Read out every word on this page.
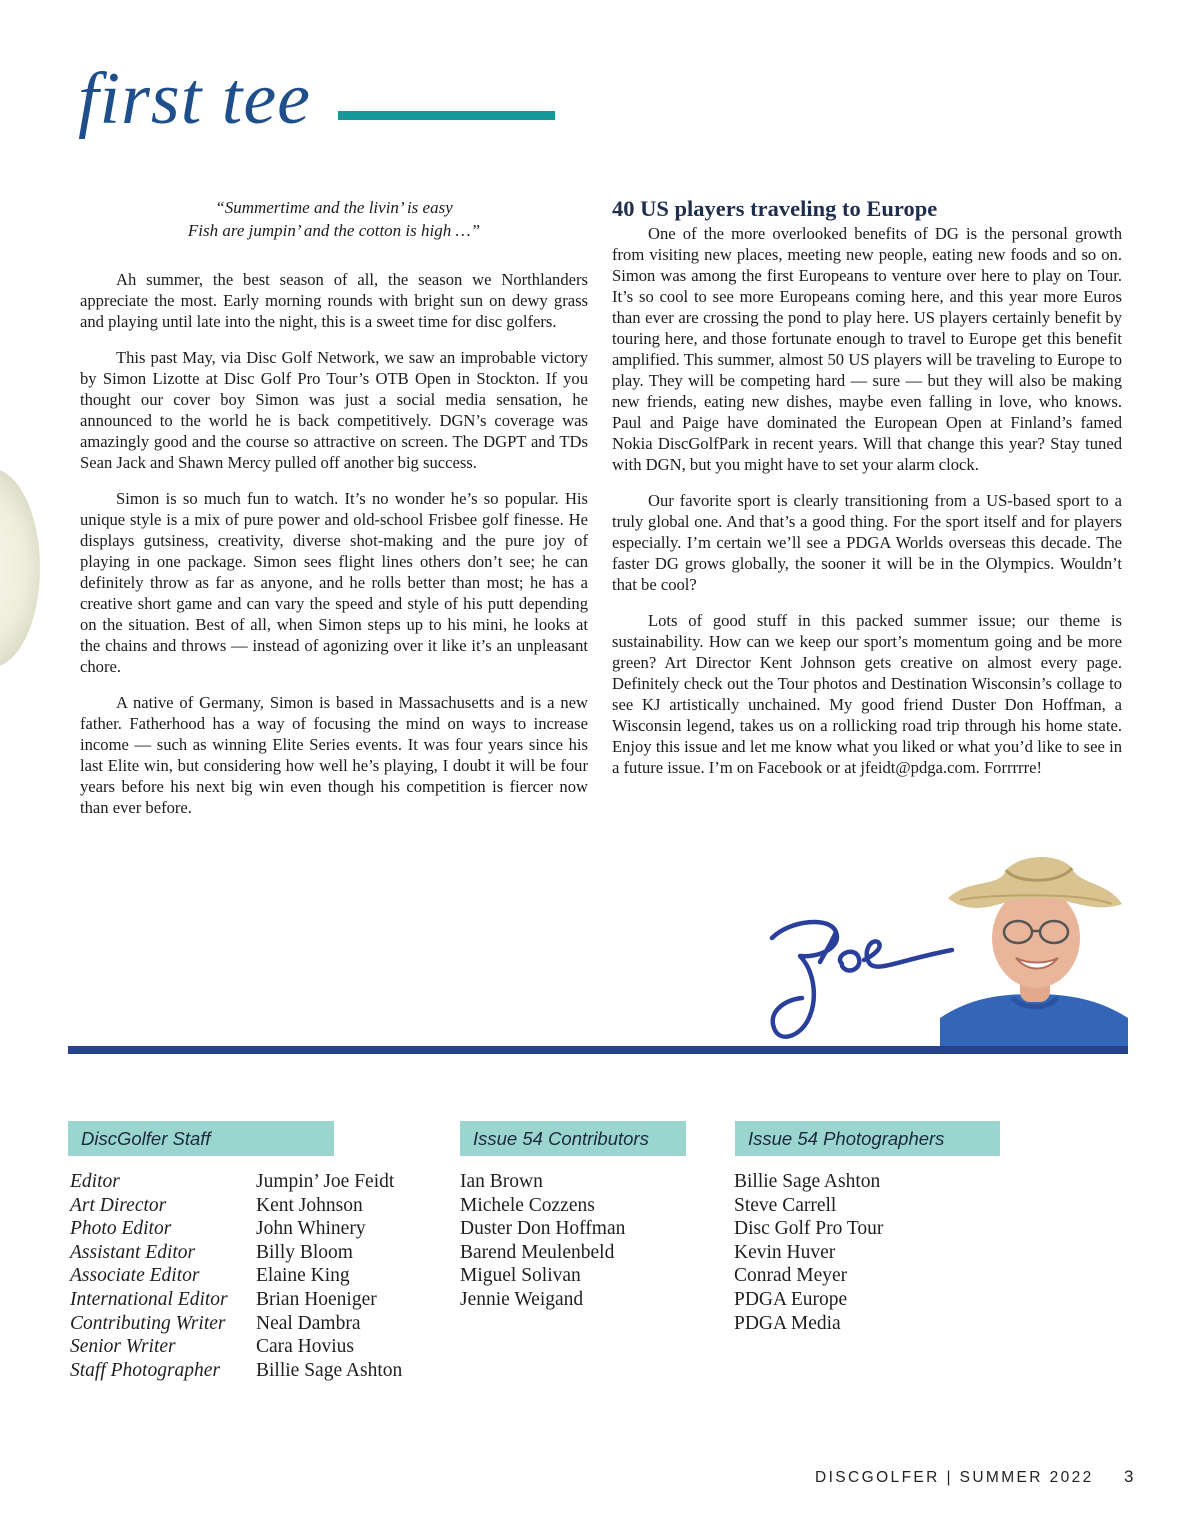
first tee
“Summertime and the livin’ is easy
Fish are jumpin’ and the cotton is high …”

Ah summer, the best season of all, the season we Northlanders appreciate the most. Early morning rounds with bright sun on dewy grass and playing until late into the night, this is a sweet time for disc golfers.

This past May, via Disc Golf Network, we saw an improbable victory by Simon Lizotte at Disc Golf Pro Tour’s OTB Open in Stockton. If you thought our cover boy Simon was just a social media sensation, he announced to the world he is back competitively. DGN’s coverage was amazingly good and the course so attractive on screen. The DGPT and TDs Sean Jack and Shawn Mercy pulled off another big success.

Simon is so much fun to watch. It’s no wonder he’s so popular. His unique style is a mix of pure power and old-school Frisbee golf finesse. He displays gutsiness, creativity, diverse shot-making and the pure joy of playing in one package. Simon sees flight lines others don’t see; he can definitely throw as far as anyone, and he rolls better than most; he has a creative short game and can vary the speed and style of his putt depending on the situation. Best of all, when Simon steps up to his mini, he looks at the chains and throws — instead of agonizing over it like it’s an unpleasant chore.

A native of Germany, Simon is based in Massachusetts and is a new father. Fatherhood has a way of focusing the mind on ways to increase income — such as winning Elite Series events. It was four years since his last Elite win, but considering how well he’s playing, I doubt it will be four years before his next big win even though his competition is fiercer now than ever before.

40 US players traveling to Europe

One of the more overlooked benefits of DG is the personal growth from visiting new places, meeting new people, eating new foods and so on. Simon was among the first Europeans to venture over here to play on Tour. It’s so cool to see more Europeans coming here, and this year more Euros than ever are crossing the pond to play here. US players certainly benefit by touring here, and those fortunate enough to travel to Europe get this benefit amplified. This summer, almost 50 US players will be traveling to Europe to play. They will be competing hard — sure — but they will also be making new friends, eating new dishes, maybe even falling in love, who knows. Paul and Paige have dominated the European Open at Finland’s famed Nokia DiscGolfPark in recent years. Will that change this year? Stay tuned with DGN, but you might have to set your alarm clock.

Our favorite sport is clearly transitioning from a US-based sport to a truly global one. And that’s a good thing. For the sport itself and for players especially. I’m certain we’ll see a PDGA Worlds overseas this decade. The faster DG grows globally, the sooner it will be in the Olympics. Wouldn’t that be cool?

Lots of good stuff in this packed summer issue; our theme is sustainability. How can we keep our sport’s momentum going and be more green? Art Director Kent Johnson gets creative on almost every page. Definitely check out the Tour photos and Destination Wisconsin’s collage to see KJ artistically unchained. My good friend Duster Don Hoffman, a Wisconsin legend, takes us on a rollicking road trip through his home state. Enjoy this issue and let me know what you liked or what you’d like to see in a future issue. I’m on Facebook or at jfeidt@pdga.com. Forrrrre!

DiscGolfer Staff	Issue 54 Contributors	Issue 54 Photographers
Editor
Art Director
Photo Editor
Assistant Editor
Associate Editor
International Editor
Contributing Writer
Senior Writer
Staff Photographer
Jumpin’ Joe Feidt
Kent Johnson
John Whinery
Billy Bloom
Elaine King
Brian Hoeniger
Neal Dambra
Cara Hovius
Billie Sage Ashton
Ian Brown
Michele Cozzens
Duster Don Hoffman
Barend Meulenbeld
Miguel Solivan
Jennie Weigand
Billie Sage Ashton
Steve Carrell
Disc Golf Pro Tour
Kevin Huver
Conrad Meyer
PDGA Europe
PDGA Media
DISCGOLFER | SUMMER 2022 3
